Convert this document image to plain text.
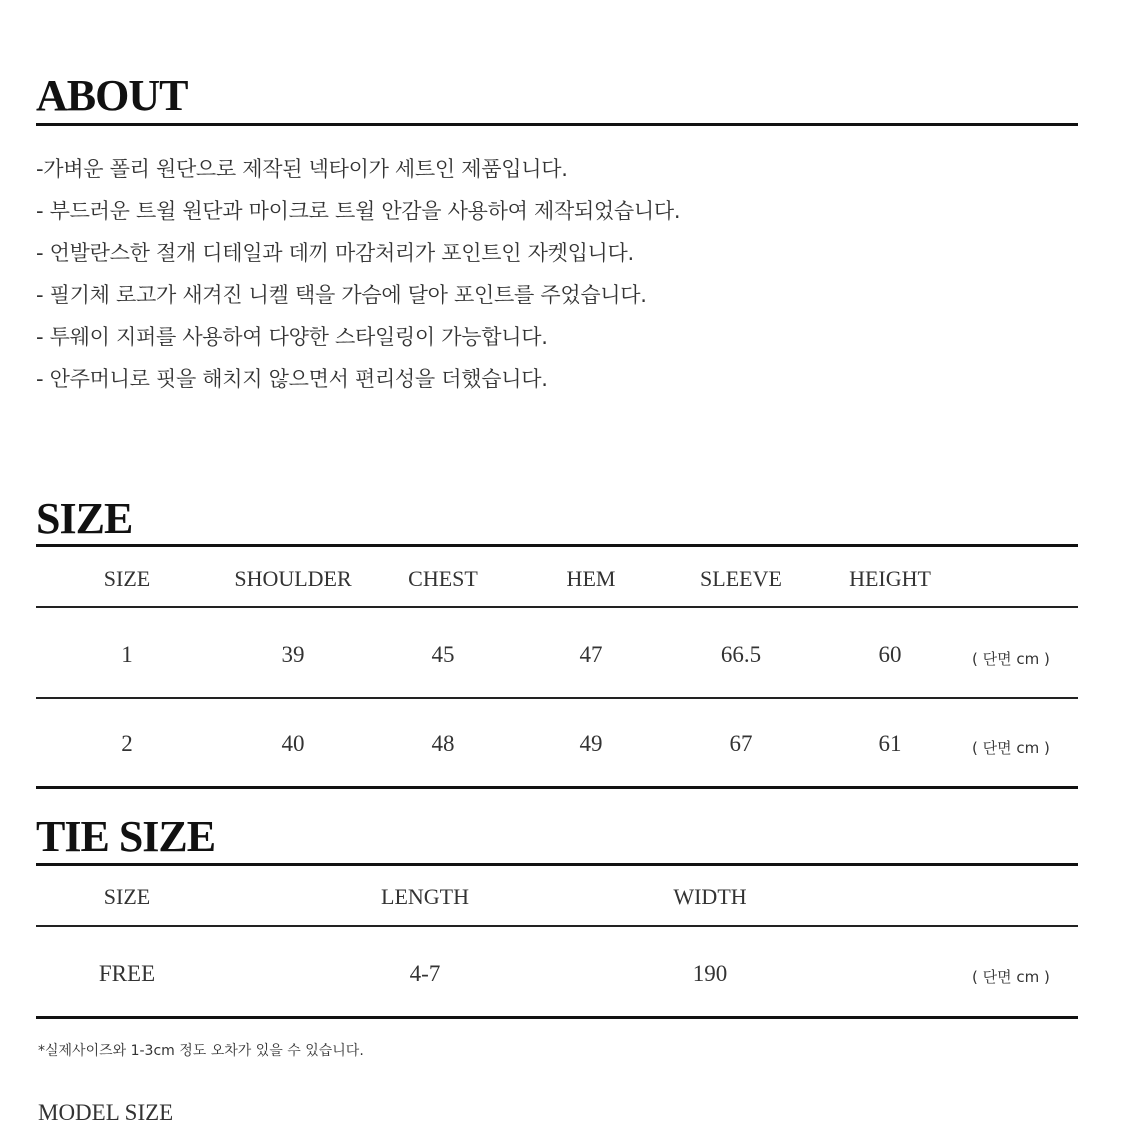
ABOUT
-가벼운 폴리 원단으로 제작된 넥타이가 세트인 제품입니다.
- 부드러운 트윌 원단과 마이크로 트윌 안감을 사용하여 제작되었습니다.
- 언발란스한 절개 디테일과 데끼 마감처리가 포인트인 자켓입니다.
- 필기체 로고가 새겨진 니켈 택을 가슴에 달아 포인트를 주었습니다.
- 투웨이 지퍼를 사용하여 다양한 스타일링이 가능합니다.
- 안주머니로 핏을 해치지 않으면서 편리성을 더했습니다.
SIZE
SIZE	SHOULDER	CHEST	HEM	SLEEVE	HEIGHT
1	39	45	47	66.5	60	( 단면 cm )
2	40	48	49	67	61	( 단면 cm )
TIE SIZE
SIZE	LENGTH	WIDTH
FREE	4-7	190	( 단면 cm )
*실제사이즈와 1-3cm 정도 오차가 있을 수 있습니다.
MODEL SIZE
